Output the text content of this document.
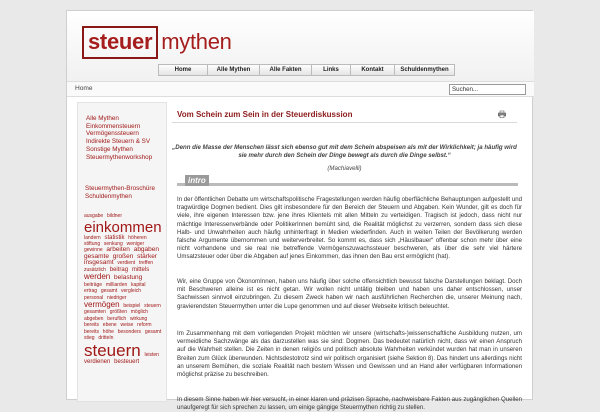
steuer mythen
Home	Alle Mythen	Alle Fakten	Links	Kontakt	Schuldenmythen
Home
Suchen...
Alle Mythen
Einkommensteuern
Vermögenssteuern
Indirekte Steuern & SV
Sonstige Mythen
Steuermythenworkshop
Steuermythen-Broschüre
Schuldenmythen
ausgabe bildner einkommen landern statistik höheren stiftung senkung weniger gewinne arbeiten abgaben gesamte großen stärker insgesamt verdient treffen zusätzlich beitrag mittels werden belastung beiträge milliarden kapital ertrag gesamt vergleich personal niedriger vermögen beispiel steuern gesamten größten möglich abgeben beruflich wirkung bereits ebene weise reform bereits höhe besonders gesamt stieg dritteln steuern leisten verdienen besteuert
Vom Schein zum Sein in der Steuerdiskussion
„Denn die Masse der Menschen lässt sich ebenso gut mit dem Schein abspeisen als mit der Wirklichkeit; ja häufig wird sie mehr durch den Schein der Dinge bewegt als durch die Dinge selbst.“
(Machiavelli)
intro
In der öffentlichen Debatte um wirtschaftspolitische Fragestellungen werden häufig oberflächliche Behauptungen aufgestellt und tragwürdige Dogmen bedient. Dies gilt insbesondere für den Bereich der Steuern und Abgaben. Kein Wunder, gilt es doch für viele, ihre eigenen Interessen bzw. jene ihres Klientels mit allen Mitteln zu verteidigen. Tragisch ist jedoch, dass nicht nur mächtige Interessenverbände oder PolitikerInnen bemüht sind, die Realität möglichst zu verzerren, sondern dass sich diese Halb- und Unwahrheiten auch häufig unhinterfragt in Medien wiederfinden. Auch in weiten Teilen der Bevölkerung werden falsche Argumente übernommen und weiterverbreitet. So kommt es, dass sich „Häuslbauer“ offenbar schon mehr über eine nicht vorhandene und sie real nie betreffende Vermögenszuwachssteuer beschweren, als über die sehr viel härtere Umsatzsteuer oder über die Abgaben auf jenes Einkommen, das ihnen den Bau erst ermöglicht (hat).
Wir, eine Gruppe von ÖkonomInnen, haben uns häufig über solche offensichtlich bewusst falsche Darstellungen beklagt. Doch mit Beschweren alleine ist es nicht getan. Wir wollen nicht untätig bleiben und haben uns daher entschlossen, unser Sachwissen sinnvoll einzubringen. Zu diesem Zweck haben wir nach ausführlichen Recherchen die, unserer Meinung nach, gravierendsten Steuermythen unter die Lupe genommen und auf dieser Webseite kritisch beleuchtet.
Im Zusammenhang mit dem vorliegenden Projekt möchten wir unsere (wirtschafts-)wissenschaftliche Ausbildung nutzen, um vermeidliche Sachzwänge als das darzustellen was sie sind: Dogmen. Das bedeutet natürlich nicht, dass wir einen Anspruch auf die Wahrheit stellen. Die Zeiten in denen religiös und politisch absolute Wahrheiten verkündet wurden hat man in unseren Breiten zum Glück überwunden. Nichtsdestotrotz sind wir politisch organisiert (siehe Sektion 8). Das hindert uns allerdings nicht an unserem Bemühen, die soziale Realität nach bestem Wissen und Gewissen und an Hand aller verfügbaren Informationen möglichst präzise zu beschreiben.
In diesem Sinne haben wir hier versucht, in einer klaren und präzisen Sprache, nachweisbare Fakten aus zugänglichen Quellen unaufgeregt für sich sprechen zu lassen, um einige gängige Steuermythen richtig zu stellen.
